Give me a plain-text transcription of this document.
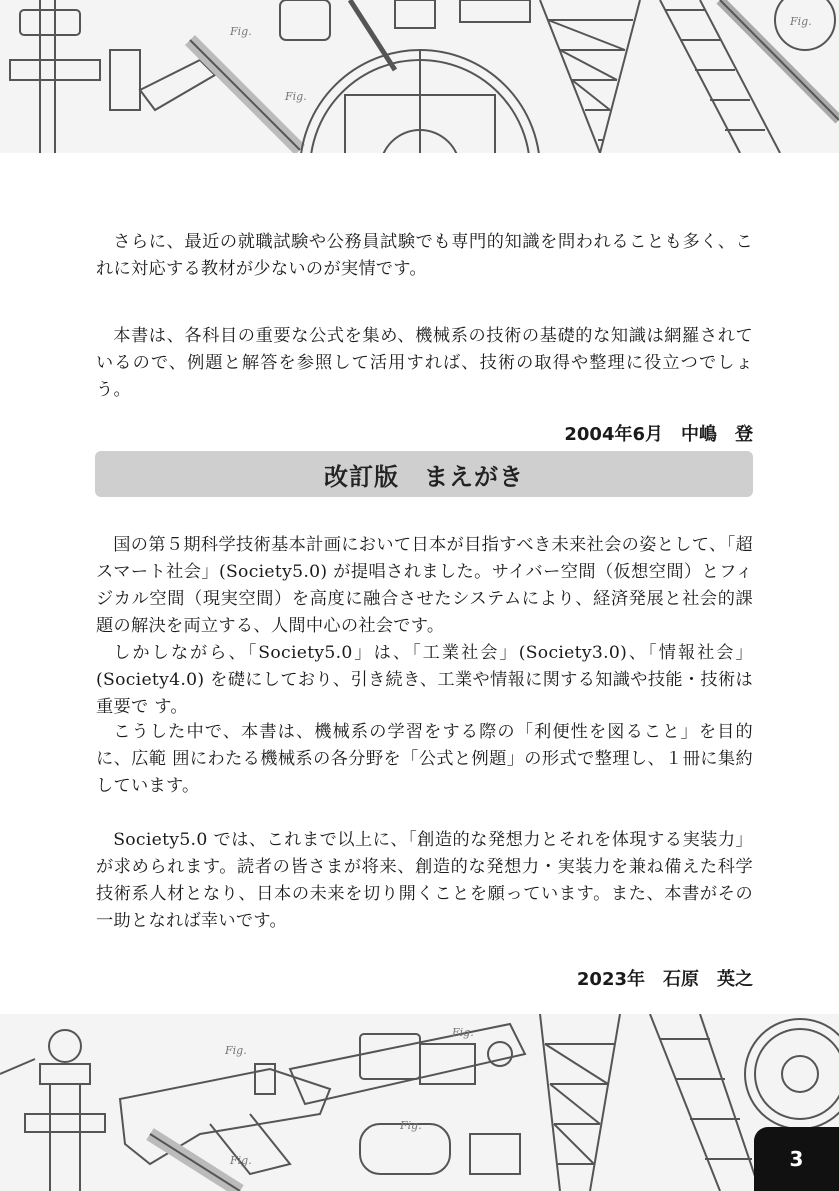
Fig.
Fig.
Fig.

さらに、最近の就職試験や公務員試験でも専門的知識を問われることも多く、これに対応する教材が少ないのが実情です。

本書は、各科目の重要な公式を集め、機械系の技術の基礎的な知識は網羅されているので、例題と解答を参照して活用すれば、技術の取得や整理に役立つでしょう。

2004年6月　中嶋　登
改訂版　まえがき

国の第５期科学技術基本計画において日本が目指すべき未来社会の姿として、「超スマート社会」(Society5.0) が提唱されました。サイバー空間（仮想空間）とフィジカル空間（現実空間）を高度に融合させたシステムにより、経済発展と社会的課題の解決を両立する、人間中心の社会です。

しかしながら、「Society5.0」は、「工業社会」(Society3.0)、「情報社会」(Society4.0) を礎にしており、引き続き、工業や情報に関する知識や技能・技術は重要で す。

こうした中で、本書は、機械系の学習をする際の「利便性を図ること」を目的に、広範 囲にわたる機械系の各分野を「公式と例題」の形式で整理し、１冊に集約しています。

Society5.0 では、これまで以上に、「創造的な発想力とそれを体現する実装力」が求められます。読者の皆さまが将来、創造的な発想力・実装力を兼ね備えた科学技術系人材となり、日本の未来を切り開くことを願っています。また、本書がその一助となれば幸いです。

2023年　石原　英之
Fig.
Fig.
Fig.
Fig.	3
